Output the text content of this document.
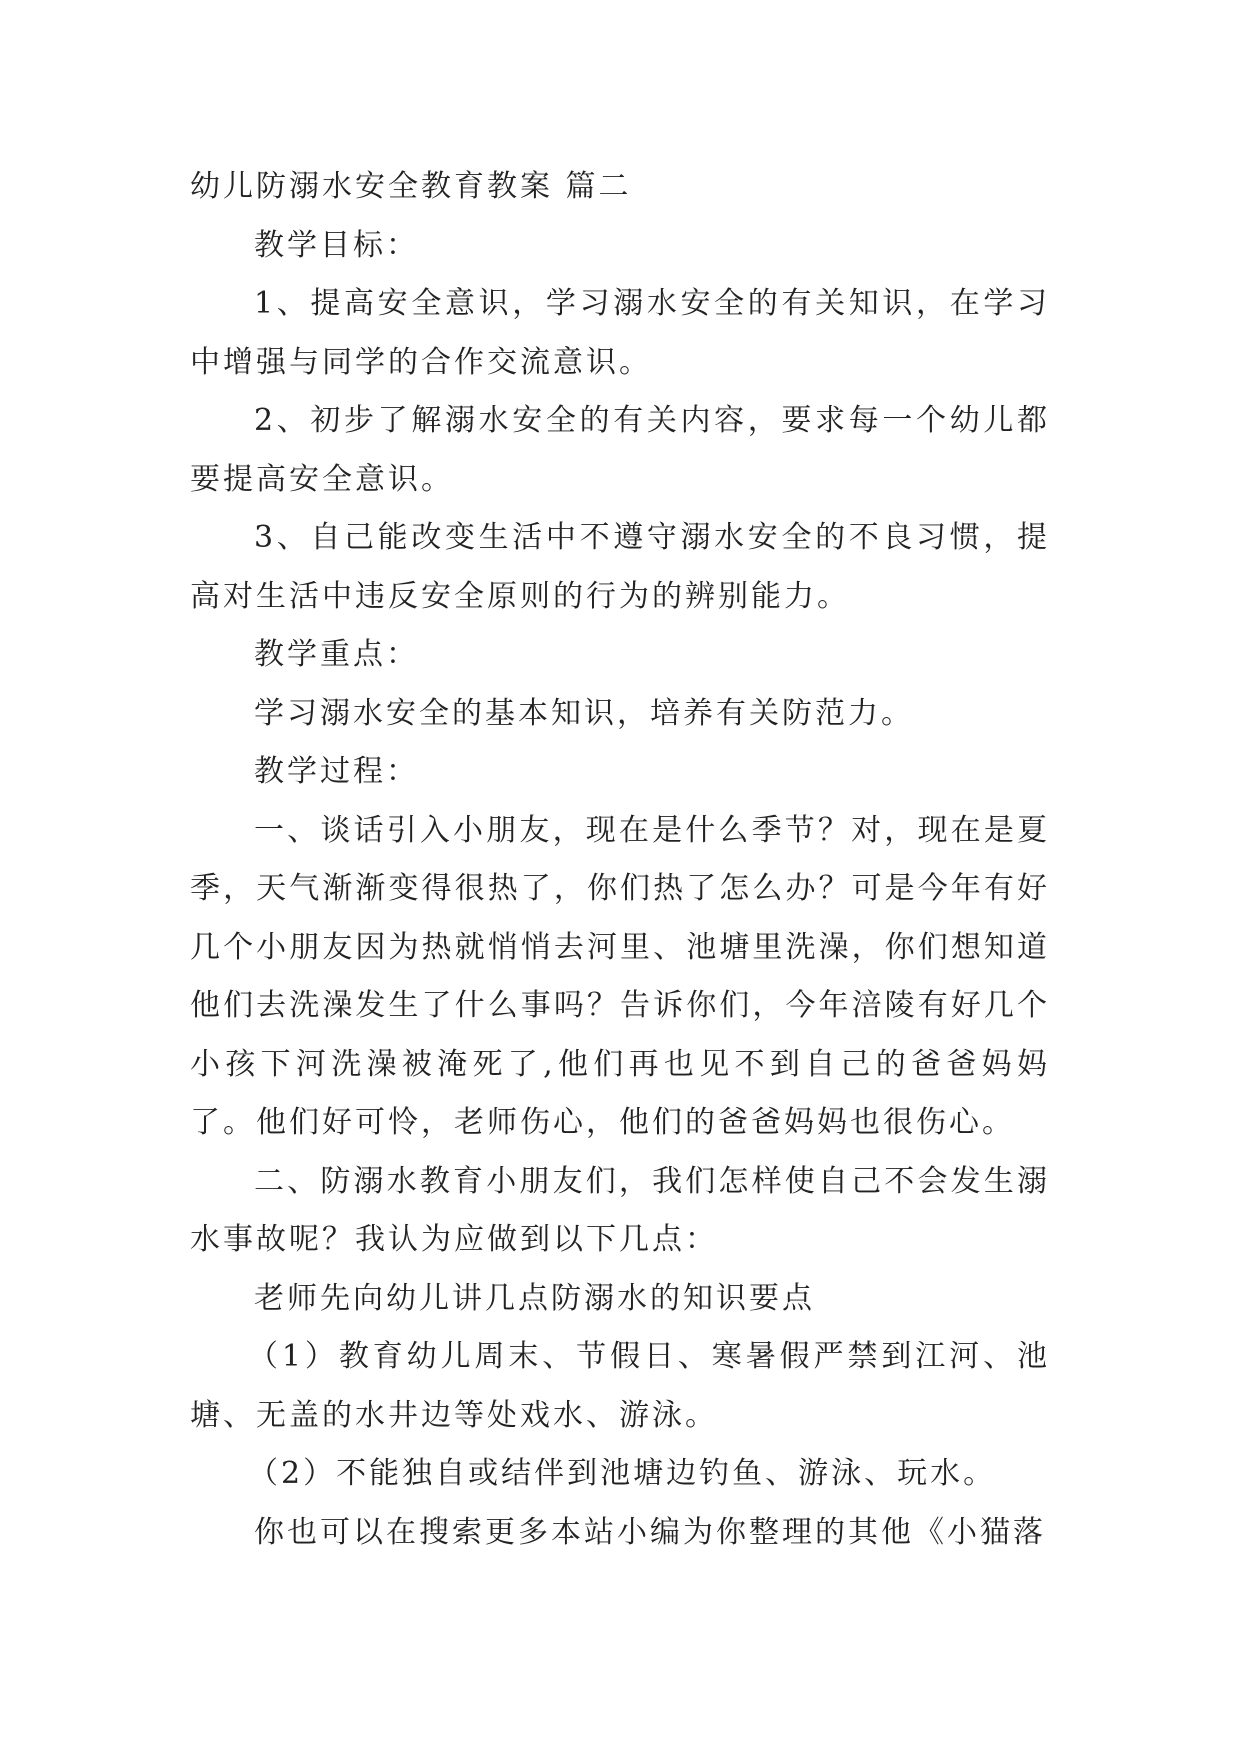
幼儿防溺水安全教育教案 篇二

教学目标：

1、提高安全意识，学习溺水安全的有关知识，在学习中增强与同学的合作交流意识。

2、初步了解溺水安全的有关内容，要求每一个幼儿都要提高安全意识。

3、自己能改变生活中不遵守溺水安全的不良习惯，提高对生活中违反安全原则的行为的辨别能力。

教学重点：

学习溺水安全的基本知识，培养有关防范力。

教学过程：

一、谈话引入小朋友，现在是什么季节？对，现在是夏季，天气渐渐变得很热了，你们热了怎么办？可是今年有好几个小朋友因为热就悄悄去河里、池塘里洗澡，你们想知道他们去洗澡发生了什么事吗？告诉你们，今年涪陵有好几个小孩下河洗澡被淹死了,他们再也见不到自己的爸爸妈妈了。他们好可怜，老师伤心，他们的爸爸妈妈也很伤心。

二、防溺水教育小朋友们，我们怎样使自己不会发生溺水事故呢？我认为应做到以下几点：

老师先向幼儿讲几点防溺水的知识要点

（1）教育幼儿周末、节假日、寒暑假严禁到江河、池塘、无盖的水井边等处戏水、游泳。

（2）不能独自或结伴到池塘边钓鱼、游泳、玩水。

你也可以在搜索更多本站小编为你整理的其他《小猫落
